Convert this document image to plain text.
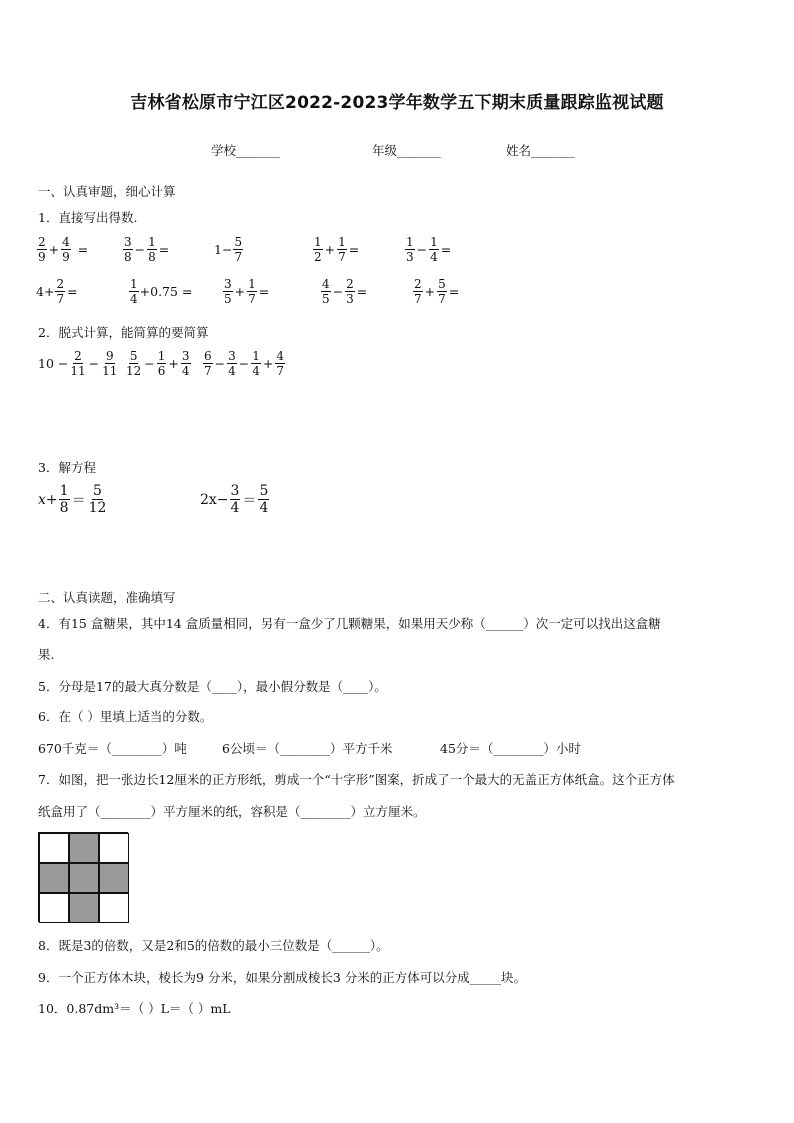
吉林省松原市宁江区2022-2023学年数学五下期末质量跟踪监视试题
学校_______	年级_______	姓名_______
一、认真审题，细心计算
1．直接写出得数.
$\frac{2}{9} + \frac{4}{9}$ =	$\frac{3}{8} - \frac{1}{8}$ =	$1- \frac{5}{7}$	$\frac{1}{2} + \frac{1}{7}$ =	$\frac{1}{3} - \frac{1}{4}$ =
$4+ \frac{2}{7}$ =	$\frac{1}{4} +0.75$ =	$\frac{3}{5} + \frac{1}{7}$ =	$\frac{4}{5} - \frac{2}{3}$ =	$\frac{2}{7} + \frac{5}{7}$ =
2．脱式计算，能简算的要简算
$10 - \frac{2}{11} - \frac{9}{11} \frac{5}{12} - \frac{1}{6} + \frac{3}{4} \frac{6}{7} - \frac{3}{4} - \frac{1}{4} + \frac{4}{7}$
3．解方程
$x+ \frac{1}{8} = \frac{5}{12}$	$2x- \frac{3}{4} = \frac{5}{4}$
二、认真读题，准确填写
4．有15 盒糖果，其中14 盒质量相同，另有一盒少了几颗糖果，如果用天少称（______）次一定可以找出这盒糖
果.
5．分母是17的最大真分数是（____），最小假分数是（____）。
6．在（ ）里填上适当的分数。
670千克＝（________）吨	6公顷＝（________）平方千米	45分＝（________）小时
7．如图，把一张边长12厘米的正方形纸，剪成一个“十字形”图案，折成了一个最大的无盖正方体纸盒。这个正方体
纸盒用了（________）平方厘米的纸，容积是（________）立方厘米。
8．既是3的倍数，又是2和5的倍数的最小三位数是（______）。
9．一个正方体木块，棱长为9 分米，如果分割成棱长3 分米的正方体可以分成_____块。
10．0.87dm³＝（ ）L＝（ ）mL
